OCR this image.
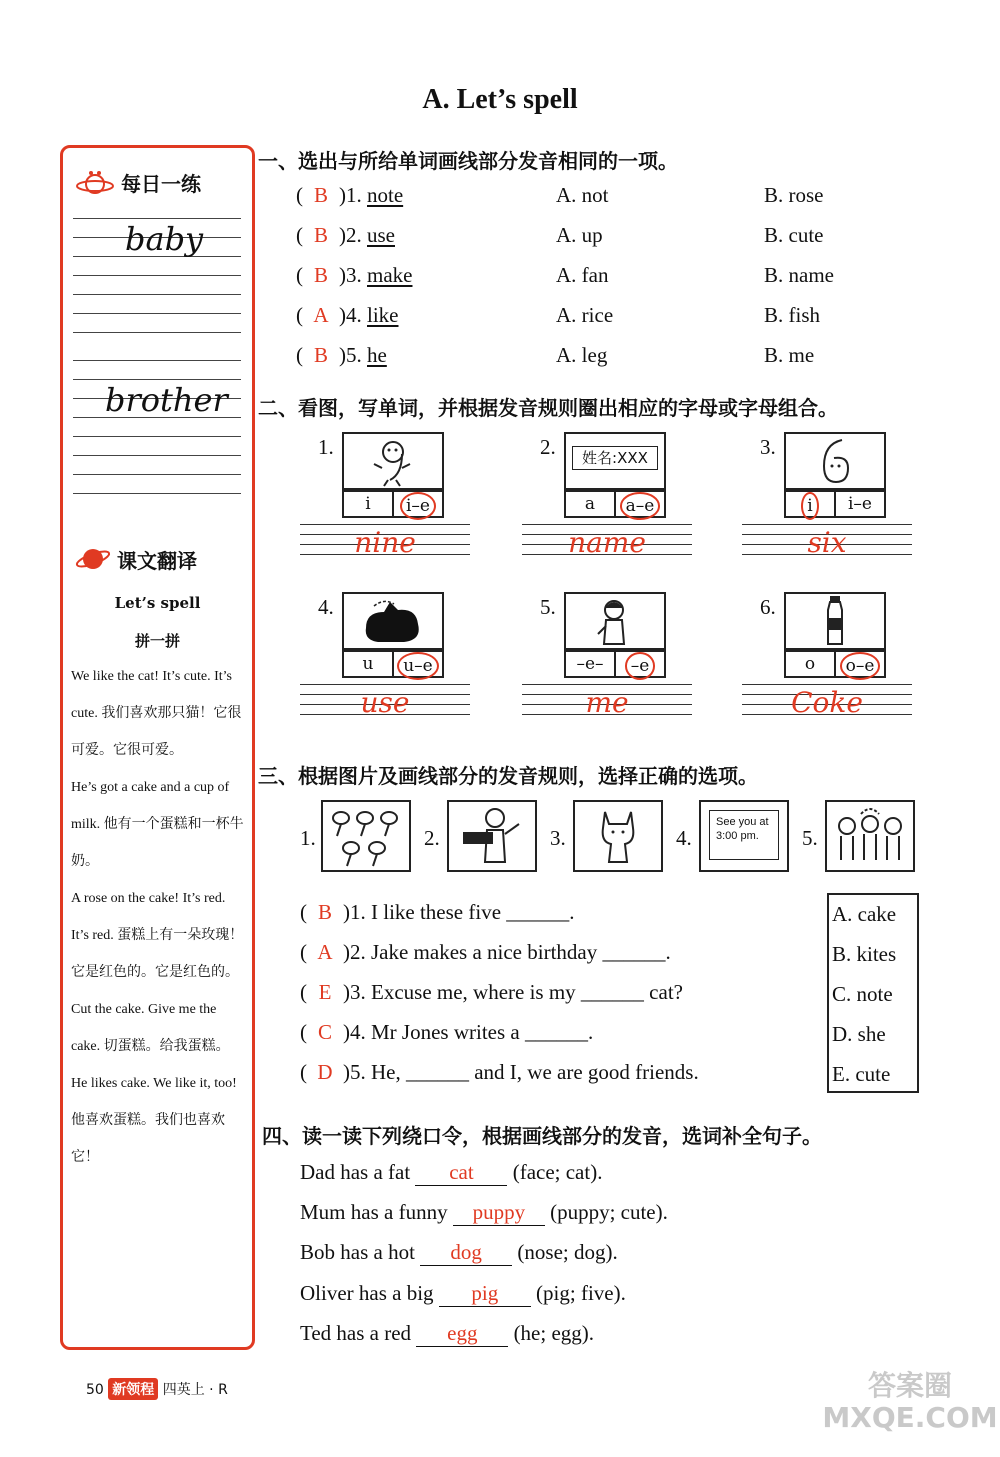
A. Let’s spell
每日一练
baby
brother
课文翻译
Let’s spell
拼一拼

We like the cat! It’s cute. It’s cute. 我们喜欢那只猫！它很可爱。它很可爱。

He’s got a cake and a cup of milk. 他有一个蛋糕和一杯牛奶。

A rose on the cake! It’s red. It’s red. 蛋糕上有一朵玫瑰！它是红色的。它是红色的。

Cut the cake. Give me the cake. 切蛋糕。给我蛋糕。

He likes cake. We like it, too! 他喜欢蛋糕。我们也喜欢它！

一、选出与所给单词画线部分发音相同的一项。
( B )1. note	A. not	B. rose
( B )2. use	A. up	B. cute
( B )3. make	A. fan	B. name
( A )4. like	A. rice	B. fish
( B )5. he	A. leg	B. me
二、看图，写单词，并根据发音规则圈出相应的字母或字母组合。
1.
i	i–e
nine
2.	姓名:XXX
a	a–e
name
3.
i	i–e
six
4.
u	u–e
use
5.
–e–	–e
me
6.
o	o–e
Coke
三、根据图片及画线部分的发音规则，选择正确的选项。
1.	2.	3.	4.
See you at 3:00 pm.	5.
( B )1. I like these five ______.
( A )2. Jake makes a nice birthday ______.
( E )3. Excuse me, where is my ______ cat?
( C )4. Mr Jones writes a ______.
( D )5. He, ______ and I, we are good friends.
A. cake
B. kites
C. note
D. she
E. cute
四、读一读下列绕口令，根据画线部分的发音，选词补全句子。
Dad has a fat cat (face; cat).
Mum has a funny puppy (puppy; cute).
Bob has a hot dog (nose; dog).
Oliver has a big pig (pig; five).
Ted has a red egg (he; egg).
50 新领程 四英上 · R	答案圈 MXQE.COM
